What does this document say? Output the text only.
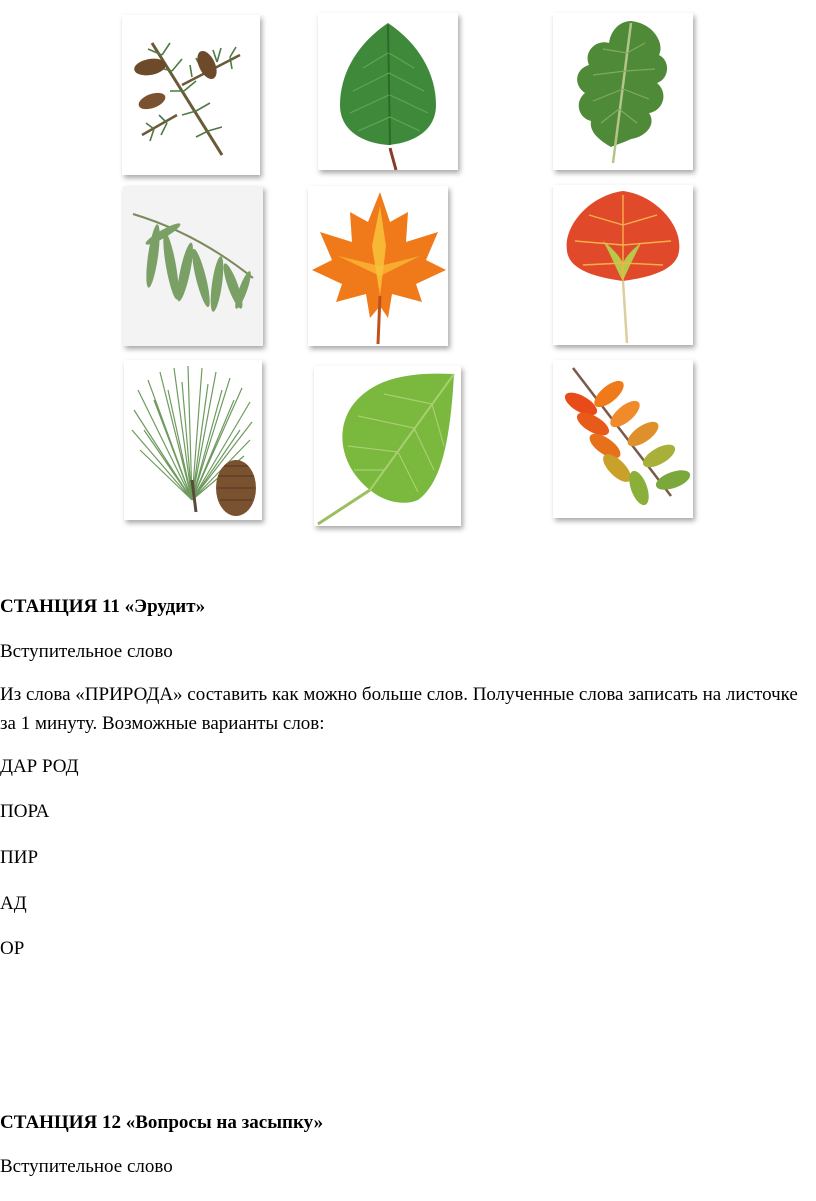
СТАНЦИЯ 11 «Эрудит»
Вступительное слово
Из слова «ПРИРОДА» составить как можно больше слов. Полученные слова записать на листочке за 1 минуту. Возможные варианты слов:
ДАР РОД
ПОРА
ПИР
АД
ОР
СТАНЦИЯ 12 «Вопросы на засыпку»
Вступительное слово
